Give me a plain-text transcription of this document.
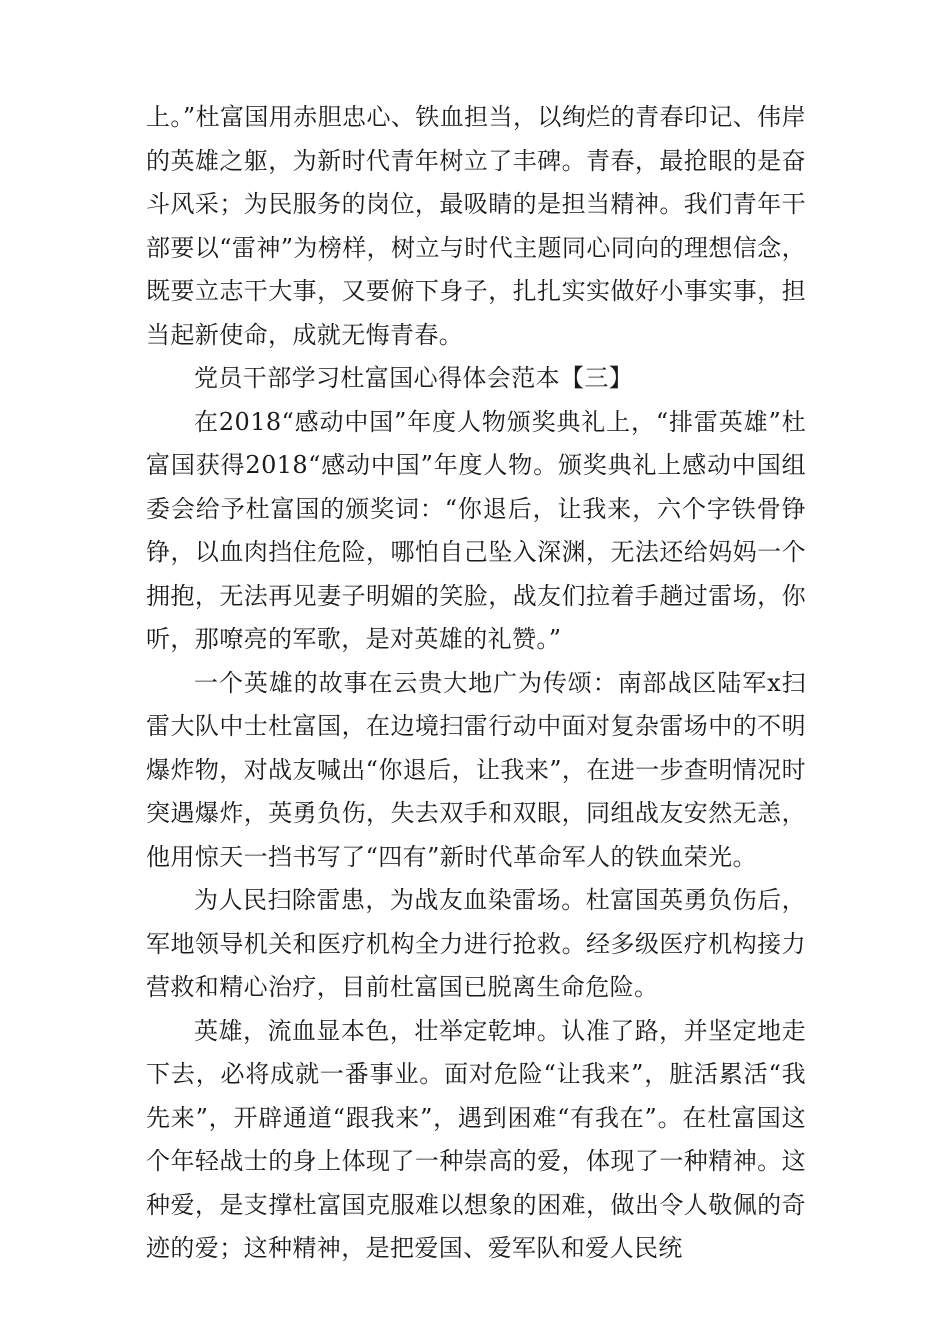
上。”杜富国用赤胆忠心、铁血担当，以绚烂的青春印记、伟岸的英雄之躯，为新时代青年树立了丰碑。青春，最抢眼的是奋斗风采；为民服务的岗位，最吸睛的是担当精神。我们青年干部要以“雷神”为榜样，树立与时代主题同心同向的理想信念，既要立志干大事，又要俯下身子，扎扎实实做好小事实事，担当起新使命，成就无悔青春。

党员干部学习杜富国心得体会范本【三】

在2018“感动中国”年度人物颁奖典礼上，“排雷英雄”杜富国获得2018“感动中国”年度人物。颁奖典礼上感动中国组委会给予杜富国的颁奖词：“你退后，让我来，六个字铁骨铮铮，以血肉挡住危险，哪怕自己坠入深渊，无法还给妈妈一个拥抱，无法再见妻子明媚的笑脸，战友们拉着手趟过雷场，你听，那嘹亮的军歌，是对英雄的礼赞。”

一个英雄的故事在云贵大地广为传颂：南部战区陆军x扫雷大队中士杜富国，在边境扫雷行动中面对复杂雷场中的不明爆炸物，对战友喊出“你退后，让我来”，在进一步查明情况时突遇爆炸，英勇负伤，失去双手和双眼，同组战友安然无恙，他用惊天一挡书写了“四有”新时代革命军人的铁血荣光。

为人民扫除雷患，为战友血染雷场。杜富国英勇负伤后，军地领导机关和医疗机构全力进行抢救。经多级医疗机构接力营救和精心治疗，目前杜富国已脱离生命危险。

英雄，流血显本色，壮举定乾坤。认准了路，并坚定地走下去，必将成就一番事业。面对危险“让我来”，脏活累活“我先来”，开辟通道“跟我来”，遇到困难“有我在”。在杜富国这个年轻战士的身上体现了一种崇高的爱，体现了一种精神。这种爱，是支撑杜富国克服难以想象的困难，做出令人敬佩的奇迹的爱；这种精神，是把爱国、爱军队和爱人民统
